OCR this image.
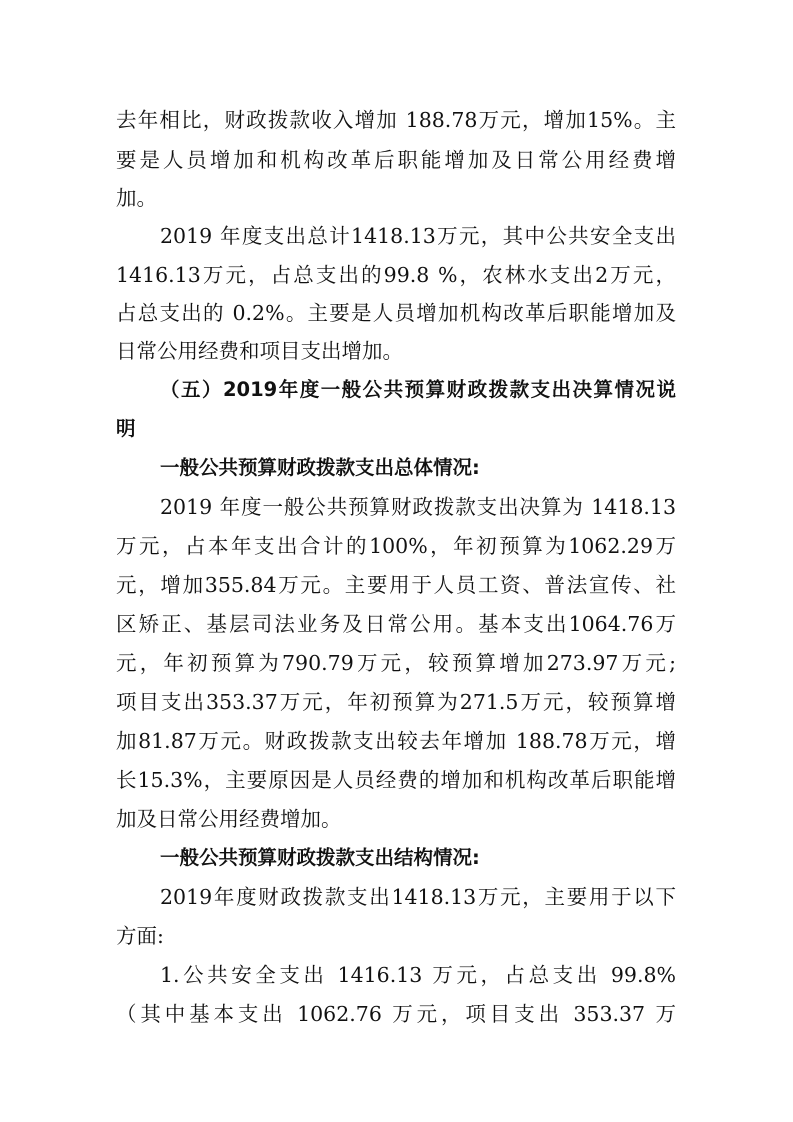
去年相比，财政拨款收入增加 188.78万元，增加15%。主
要是人员增加和机构改革后职能增加及日常公用经费增
加。
2019 年度支出总计1418.13万元，其中公共安全支出
1416.13万元，占总支出的99.8 %，农林水支出2万元，
占总支出的 0.2%。主要是人员增加机构改革后职能增加及
日常公用经费和项目支出增加。
（五）2019年度一般公共预算财政拨款支出决算情况说
明
一般公共预算财政拨款支出总体情况:
2019 年度一般公共预算财政拨款支出决算为 1418.13
万元，占本年支出合计的100%，年初预算为1062.29万
元，增加355.84万元。主要用于人员工资、普法宣传、社
区矫正、基层司法业务及日常公用。基本支出1064.76万
元，年初预算为790.79万元，较预算增加273.97万元;
项目支出353.37万元，年初预算为271.5万元，较预算增
加81.87万元。财政拨款支出较去年增加 188.78万元，增
长15.3%，主要原因是人员经费的增加和机构改革后职能增
加及日常公用经费增加。
一般公共预算财政拨款支出结构情况:
2019年度财政拨款支出1418.13万元，主要用于以下
方面:
1.公共安全支出 1416.13 万元，占总支出 99.8%
（其中基本支出 1062.76 万元，项目支出 353.37 万
